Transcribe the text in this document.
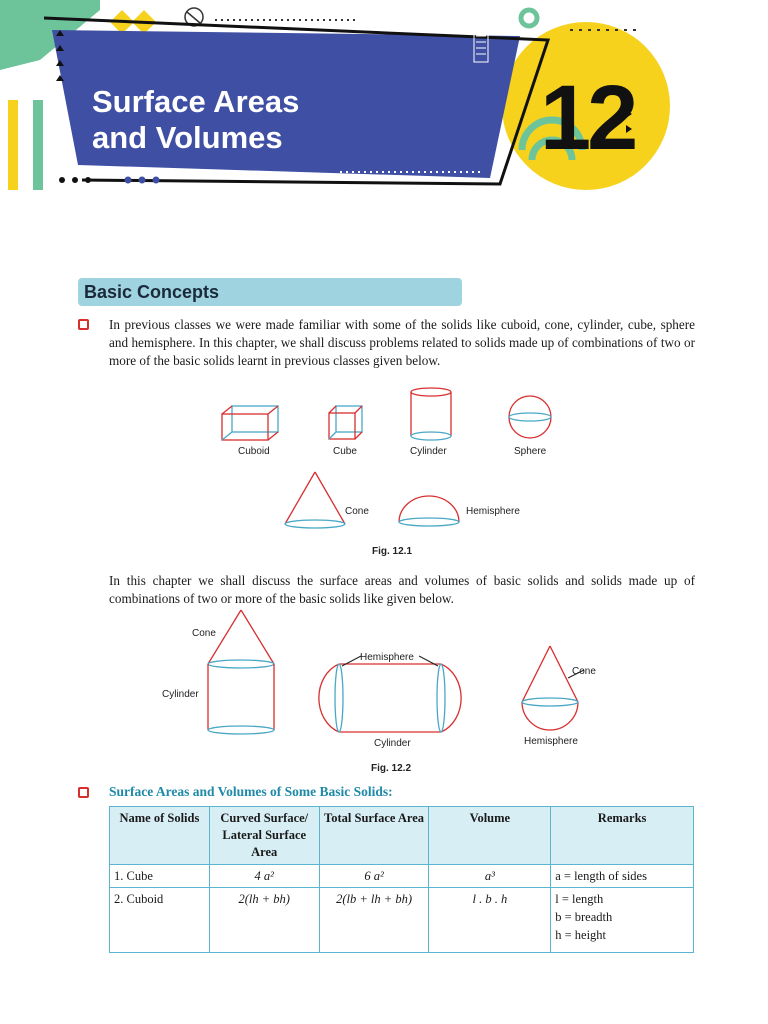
Surface Areas
and Volumes	12
Basic Concepts

In previous classes we were made familiar with some of the solids like cuboid, cone, cylinder, cube, sphere and hemisphere. In this chapter, we shall discuss problems related to solids made up of combinations of two or more of the basic solids learnt in previous classes given below.

Cuboid	Cube	Cylinder	Sphere
Cone	Hemisphere
Fig. 12.1

In this chapter we shall discuss the surface areas and volumes of basic solids and solids made up of combinations of two or more of the basic solids like given below.

Cone
Cylinder
Hemisphere
Cylinder
Cone
Hemisphere
Fig. 12.2
Surface Areas and Volumes of Some Basic Solids:
Name of Solids	Curved Surface/ Lateral Surface Area	Total Surface Area	Volume	Remarks
1. Cube	4 a²	6 a²	a³	a = length of sides

2. Cuboid	2(lh + bh)	2(lb + lh + bh)	l . b . h	l = length
b = breadth
h = height
